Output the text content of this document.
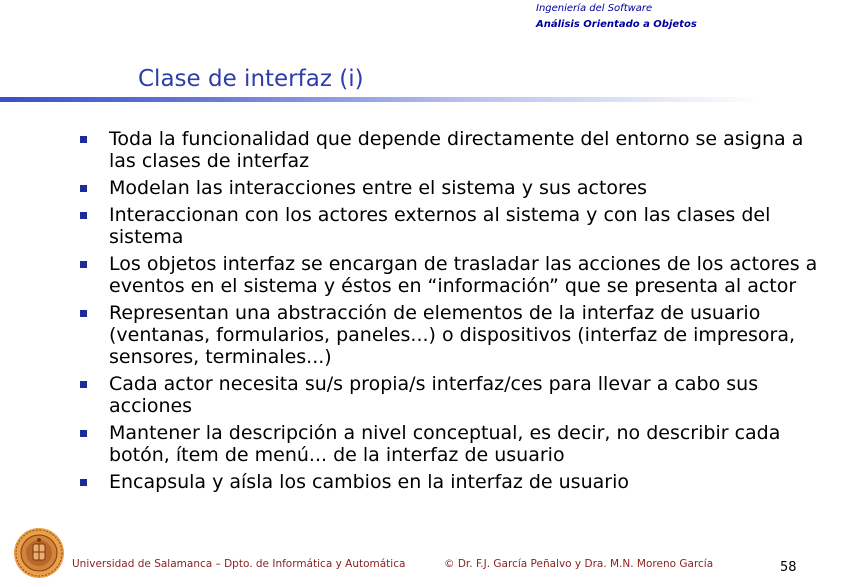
Ingeniería del Software
Análisis Orientado a Objetos
Clase de interfaz (i)
Toda la funcionalidad que depende directamente del entorno se asigna a las clases de interfaz
Modelan las interacciones entre el sistema y sus actores
Interaccionan con los actores externos al sistema y con las clases del sistema
Los objetos interfaz se encargan de trasladar las acciones de los actores a eventos en el sistema y éstos en “información” que se presenta al actor
Representan una abstracción de elementos de la interfaz de usuario (ventanas, formularios, paneles...) o dispositivos (interfaz de impresora, sensores, terminales...)
Cada actor necesita su/s propia/s interfaz/ces para llevar a cabo sus acciones
Mantener la descripción a nivel conceptual, es decir, no describir cada botón, ítem de menú... de la interfaz de usuario
Encapsula y aísla los cambios en la interfaz de usuario
Universidad de Salamanca – Dpto. de Informática y Automática	© Dr. F.J. García Peñalvo y Dra. M.N. Moreno García	58
